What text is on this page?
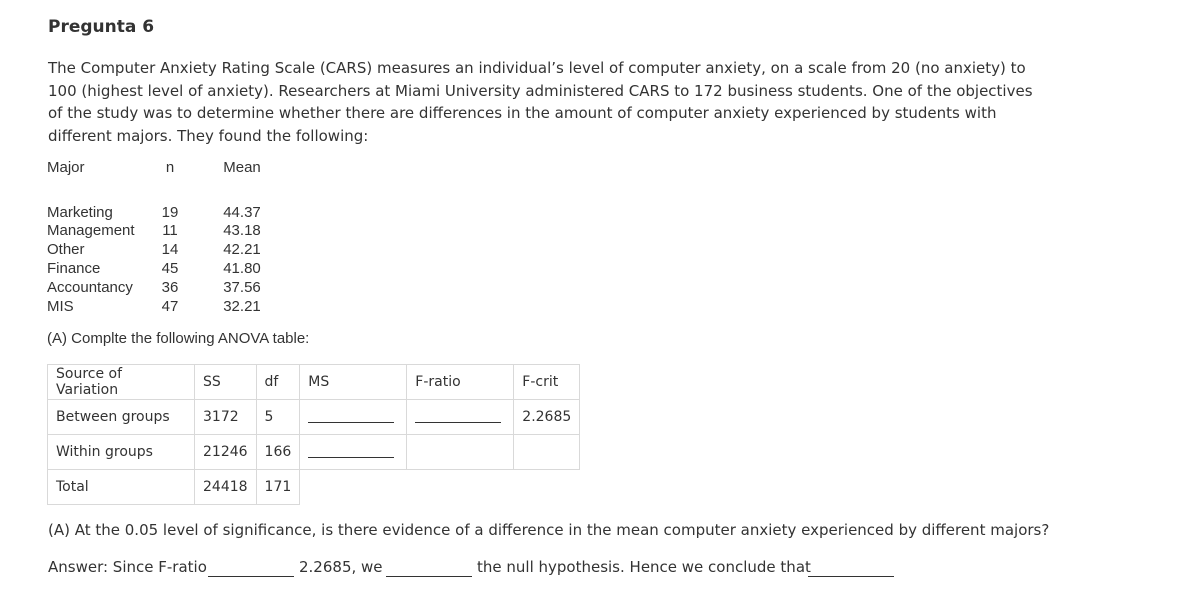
Pregunta 6
The Computer Anxiety Rating Scale (CARS) measures an individual’s level of computer anxiety, on a scale from 20 (no anxiety) to 100 (highest level of anxiety). Researchers at Miami University administered CARS to 172 business students. One of the objectives of the study was to determine whether there are differences in the amount of computer anxiety experienced by students with different majors. They found the following:
Major	n	Mean
Marketing	19	44.37
Management	11	43.18
Other	14	42.21
Finance	45	41.80
Accountancy	36	37.56
MIS	47	32.21
(A) Complte the following ANOVA table:
Source of Variation	SS	df	MS	F-ratio	F-crit
Between groups	3172	5			2.2685
Within groups	21246	166			
Total	24418	171			
(A) At the 0.05 level of significance, is there evidence of a difference in the mean computer anxiety experienced by different majors?
Answer: Since F-ratio	2.2685, we	the null hypothesis. Hence we conclude that
